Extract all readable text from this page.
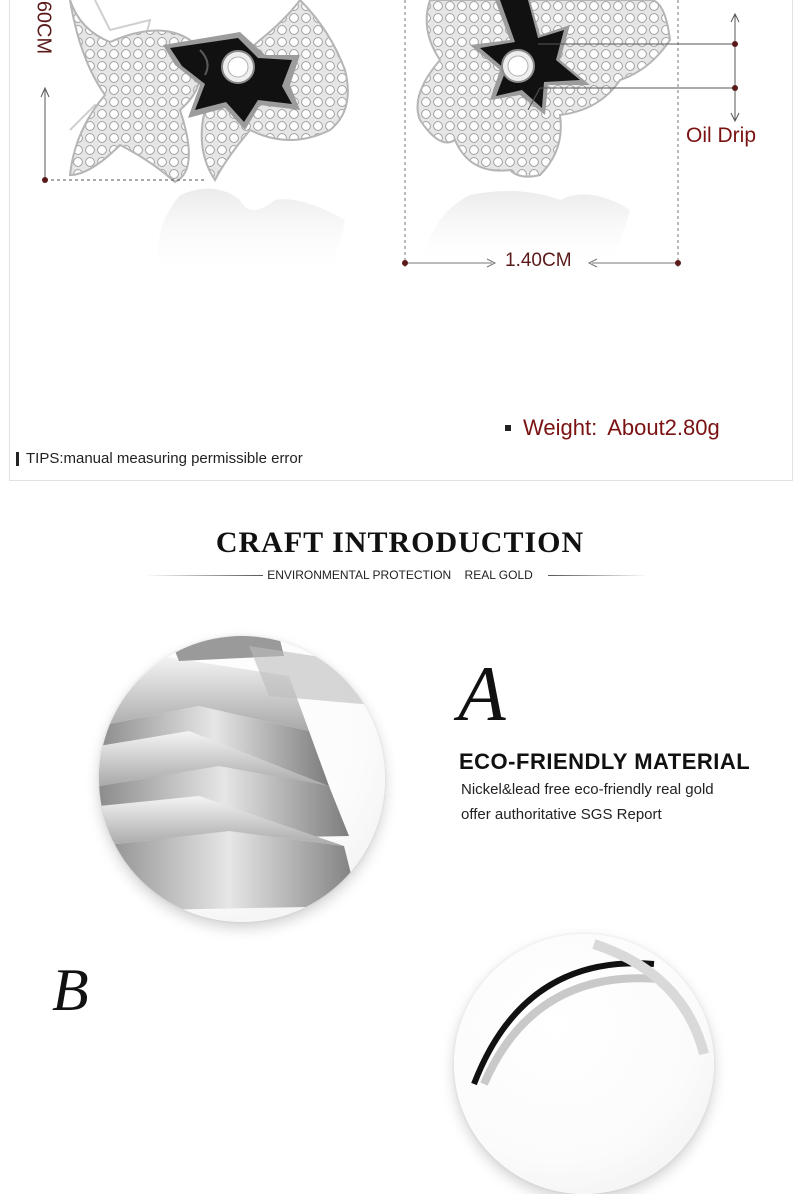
60CM
1.40CM
Oil Drip
Weight: About2.80g
TIPS:manual measuring permissible error
CRAFT INTRODUCTION
ENVIRONMENTAL PROTECTION REAL GOLD
A
ECO-FRIENDLY MATERIAL
Nickel&lead free eco-friendly real gold
offer authoritative SGS Report
B
